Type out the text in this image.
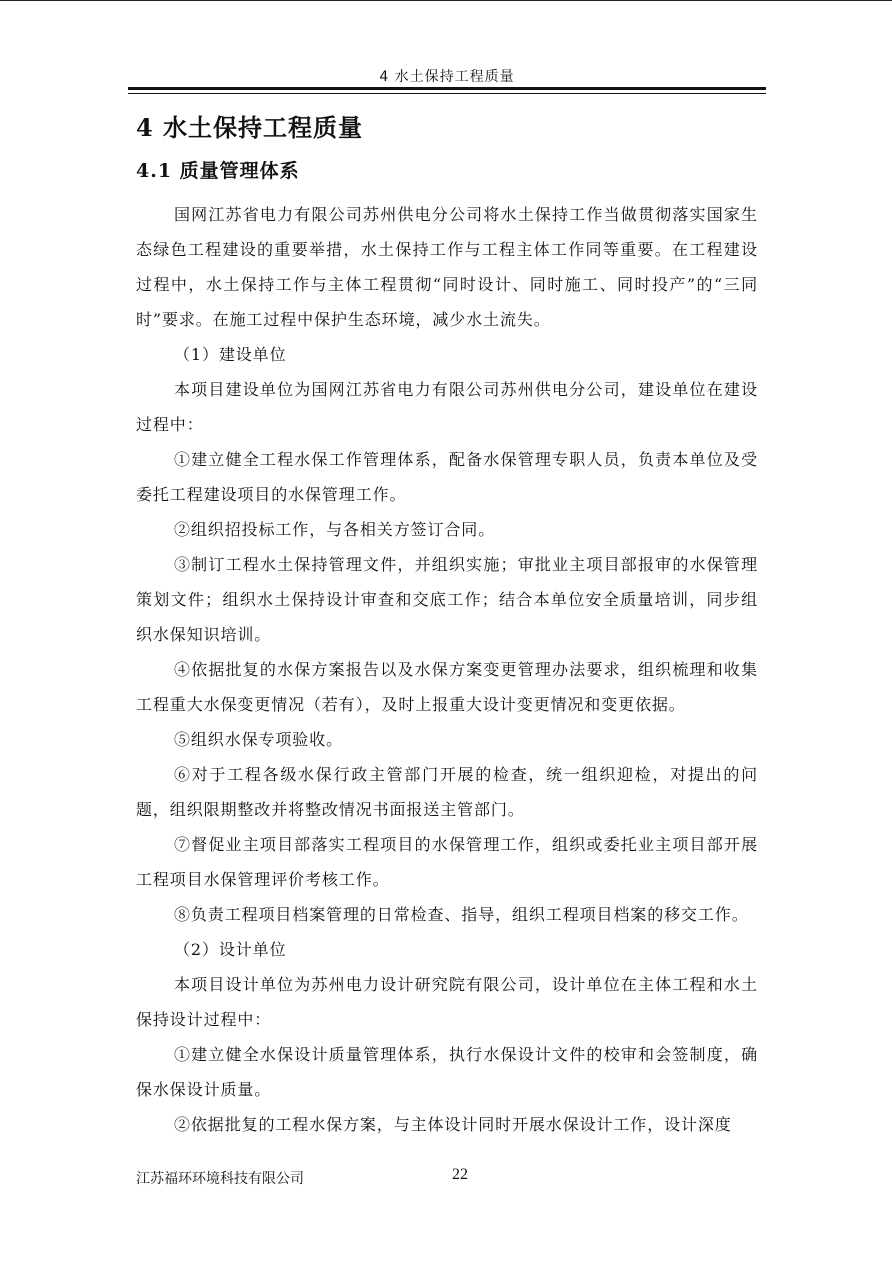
4 水土保持工程质量
4 水土保持工程质量
4.1 质量管理体系

国网江苏省电力有限公司苏州供电分公司将水土保持工作当做贯彻落实国家生态绿色工程建设的重要举措，水土保持工作与工程主体工作同等重要。在工程建设过程中，水土保持工作与主体工程贯彻“同时设计、同时施工、同时投产”的“三同时”要求。在施工过程中保护生态环境，减少水土流失。

（1）建设单位

本项目建设单位为国网江苏省电力有限公司苏州供电分公司，建设单位在建设过程中：

①建立健全工程水保工作管理体系，配备水保管理专职人员，负责本单位及受委托工程建设项目的水保管理工作。

②组织招投标工作，与各相关方签订合同。

③制订工程水土保持管理文件，并组织实施；审批业主项目部报审的水保管理策划文件；组织水土保持设计审查和交底工作；结合本单位安全质量培训，同步组织水保知识培训。

④依据批复的水保方案报告以及水保方案变更管理办法要求，组织梳理和收集工程重大水保变更情况（若有），及时上报重大设计变更情况和变更依据。

⑤组织水保专项验收。

⑥对于工程各级水保行政主管部门开展的检查，统一组织迎检，对提出的问题，组织限期整改并将整改情况书面报送主管部门。

⑦督促业主项目部落实工程项目的水保管理工作，组织或委托业主项目部开展工程项目水保管理评价考核工作。

⑧负责工程项目档案管理的日常检查、指导，组织工程项目档案的移交工作。

（2）设计单位

本项目设计单位为苏州电力设计研究院有限公司，设计单位在主体工程和水土保持设计过程中：

①建立健全水保设计质量管理体系，执行水保设计文件的校审和会签制度，确保水保设计质量。

②依据批复的工程水保方案，与主体设计同时开展水保设计工作，设计深度

江苏福环环境科技有限公司	22
